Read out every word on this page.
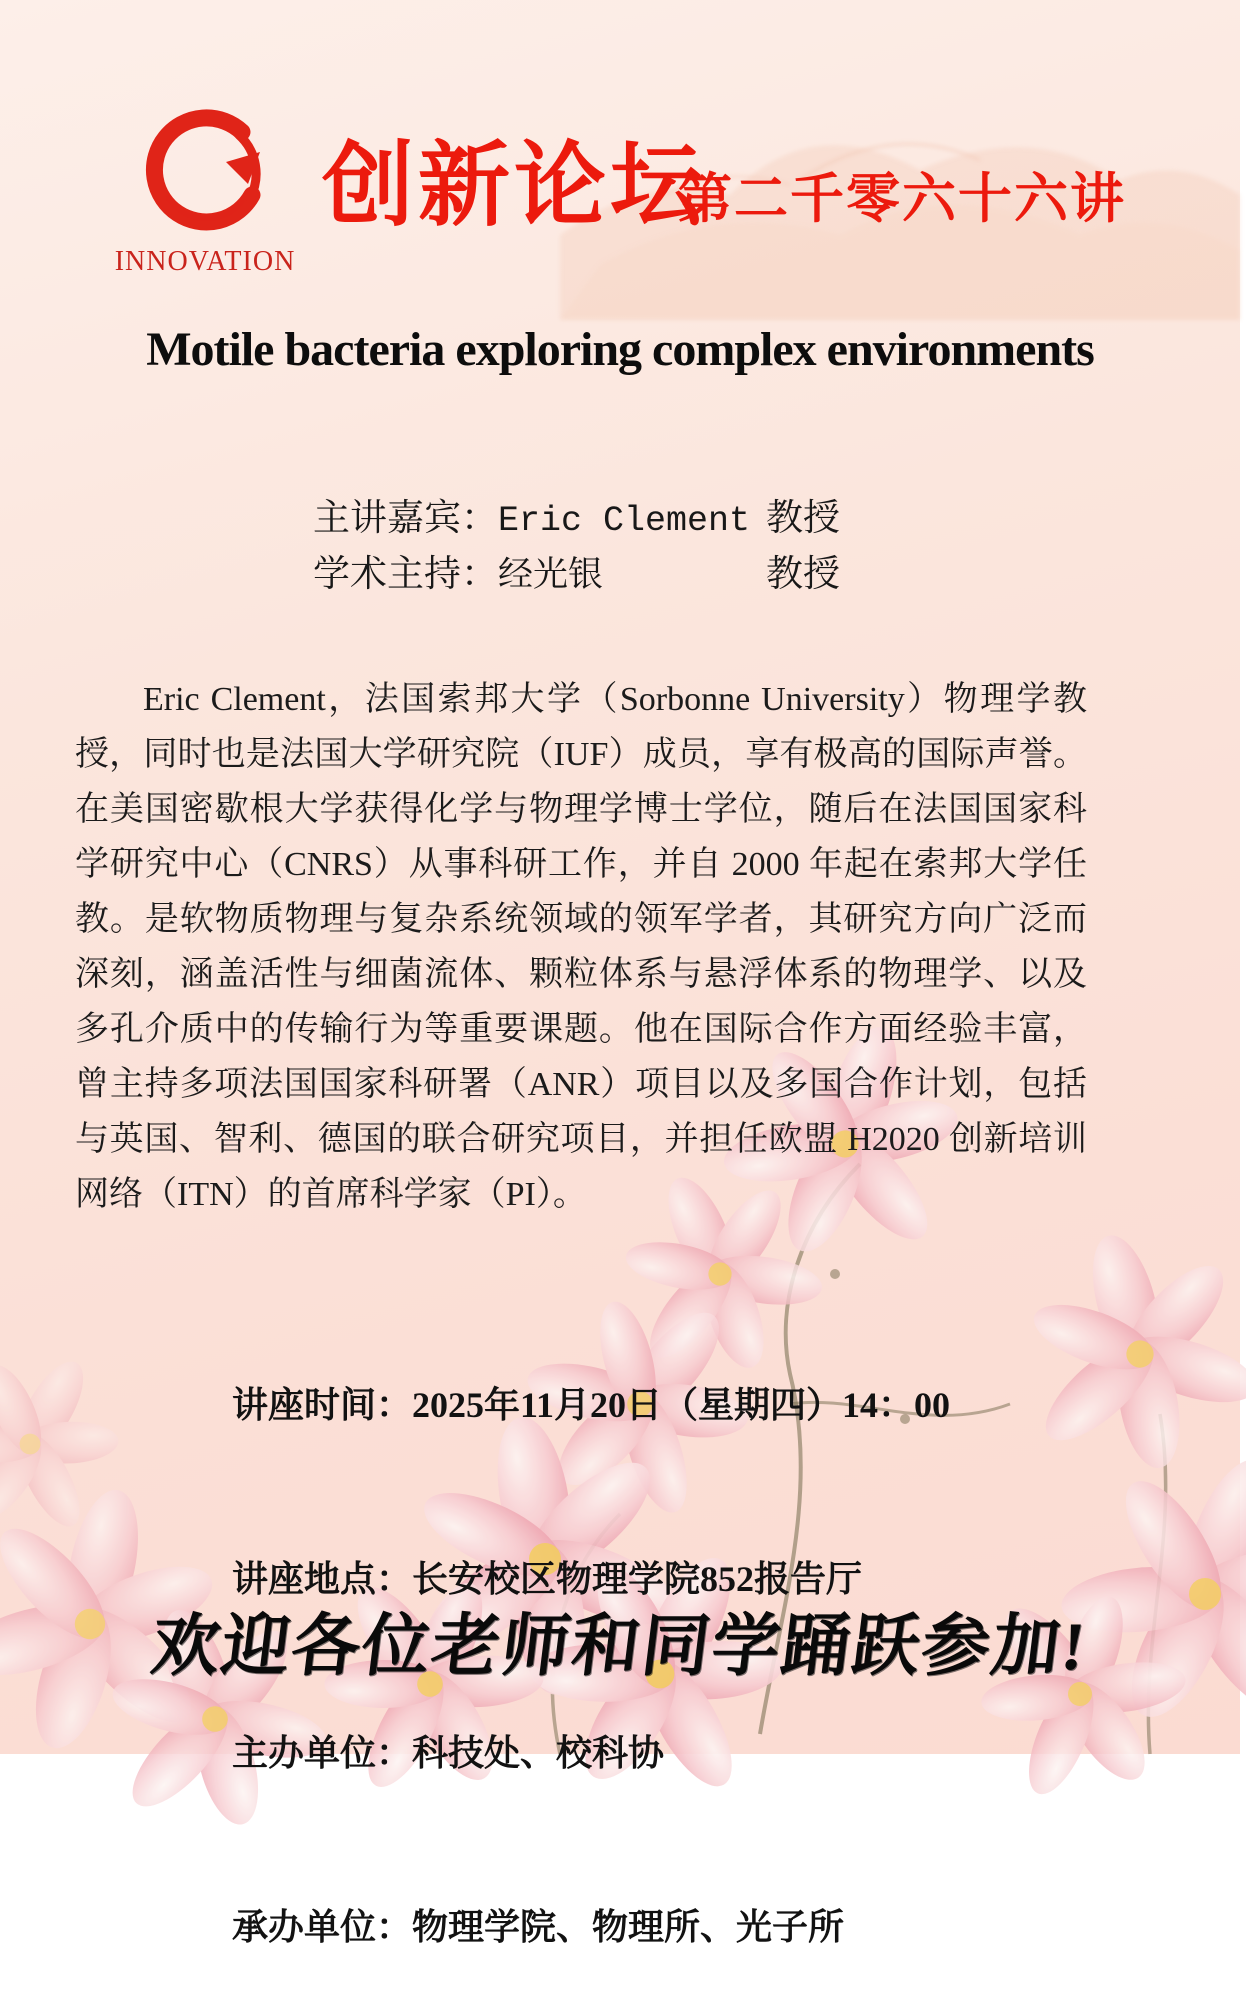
INNOVATION
创新论坛
第二千零六十六讲
Motile bacteria exploring complex environments
主讲嘉宾： Eric Clement 教授
学术主持： 经光银	教授
Eric Clement，法国索邦大学（Sorbonne University）物理学教授，同时也是法国大学研究院（IUF）成员，享有极高的国际声誉。在美国密歇根大学获得化学与物理学博士学位，随后在法国国家科学研究中心（CNRS）从事科研工作，并自 2000 年起在索邦大学任教。是软物质物理与复杂系统领域的领军学者，其研究方向广泛而深刻，涵盖活性与细菌流体、颗粒体系与悬浮体系的物理学、以及多孔介质中的传输行为等重要课题。他在国际合作方面经验丰富，曾主持多项法国国家科研署（ANR）项目以及多国合作计划，包括与英国、智利、德国的联合研究项目，并担任欧盟 H2020 创新培训网络（ITN）的首席科学家（PI）。

讲座时间：2025年11月20日（星期四）14：00

讲座地点：长安校区物理学院852报告厅

主办单位：科技处、校科协

承办单位：物理学院、物理所、光子所

欢迎各位老师和同学踊跃参加!
